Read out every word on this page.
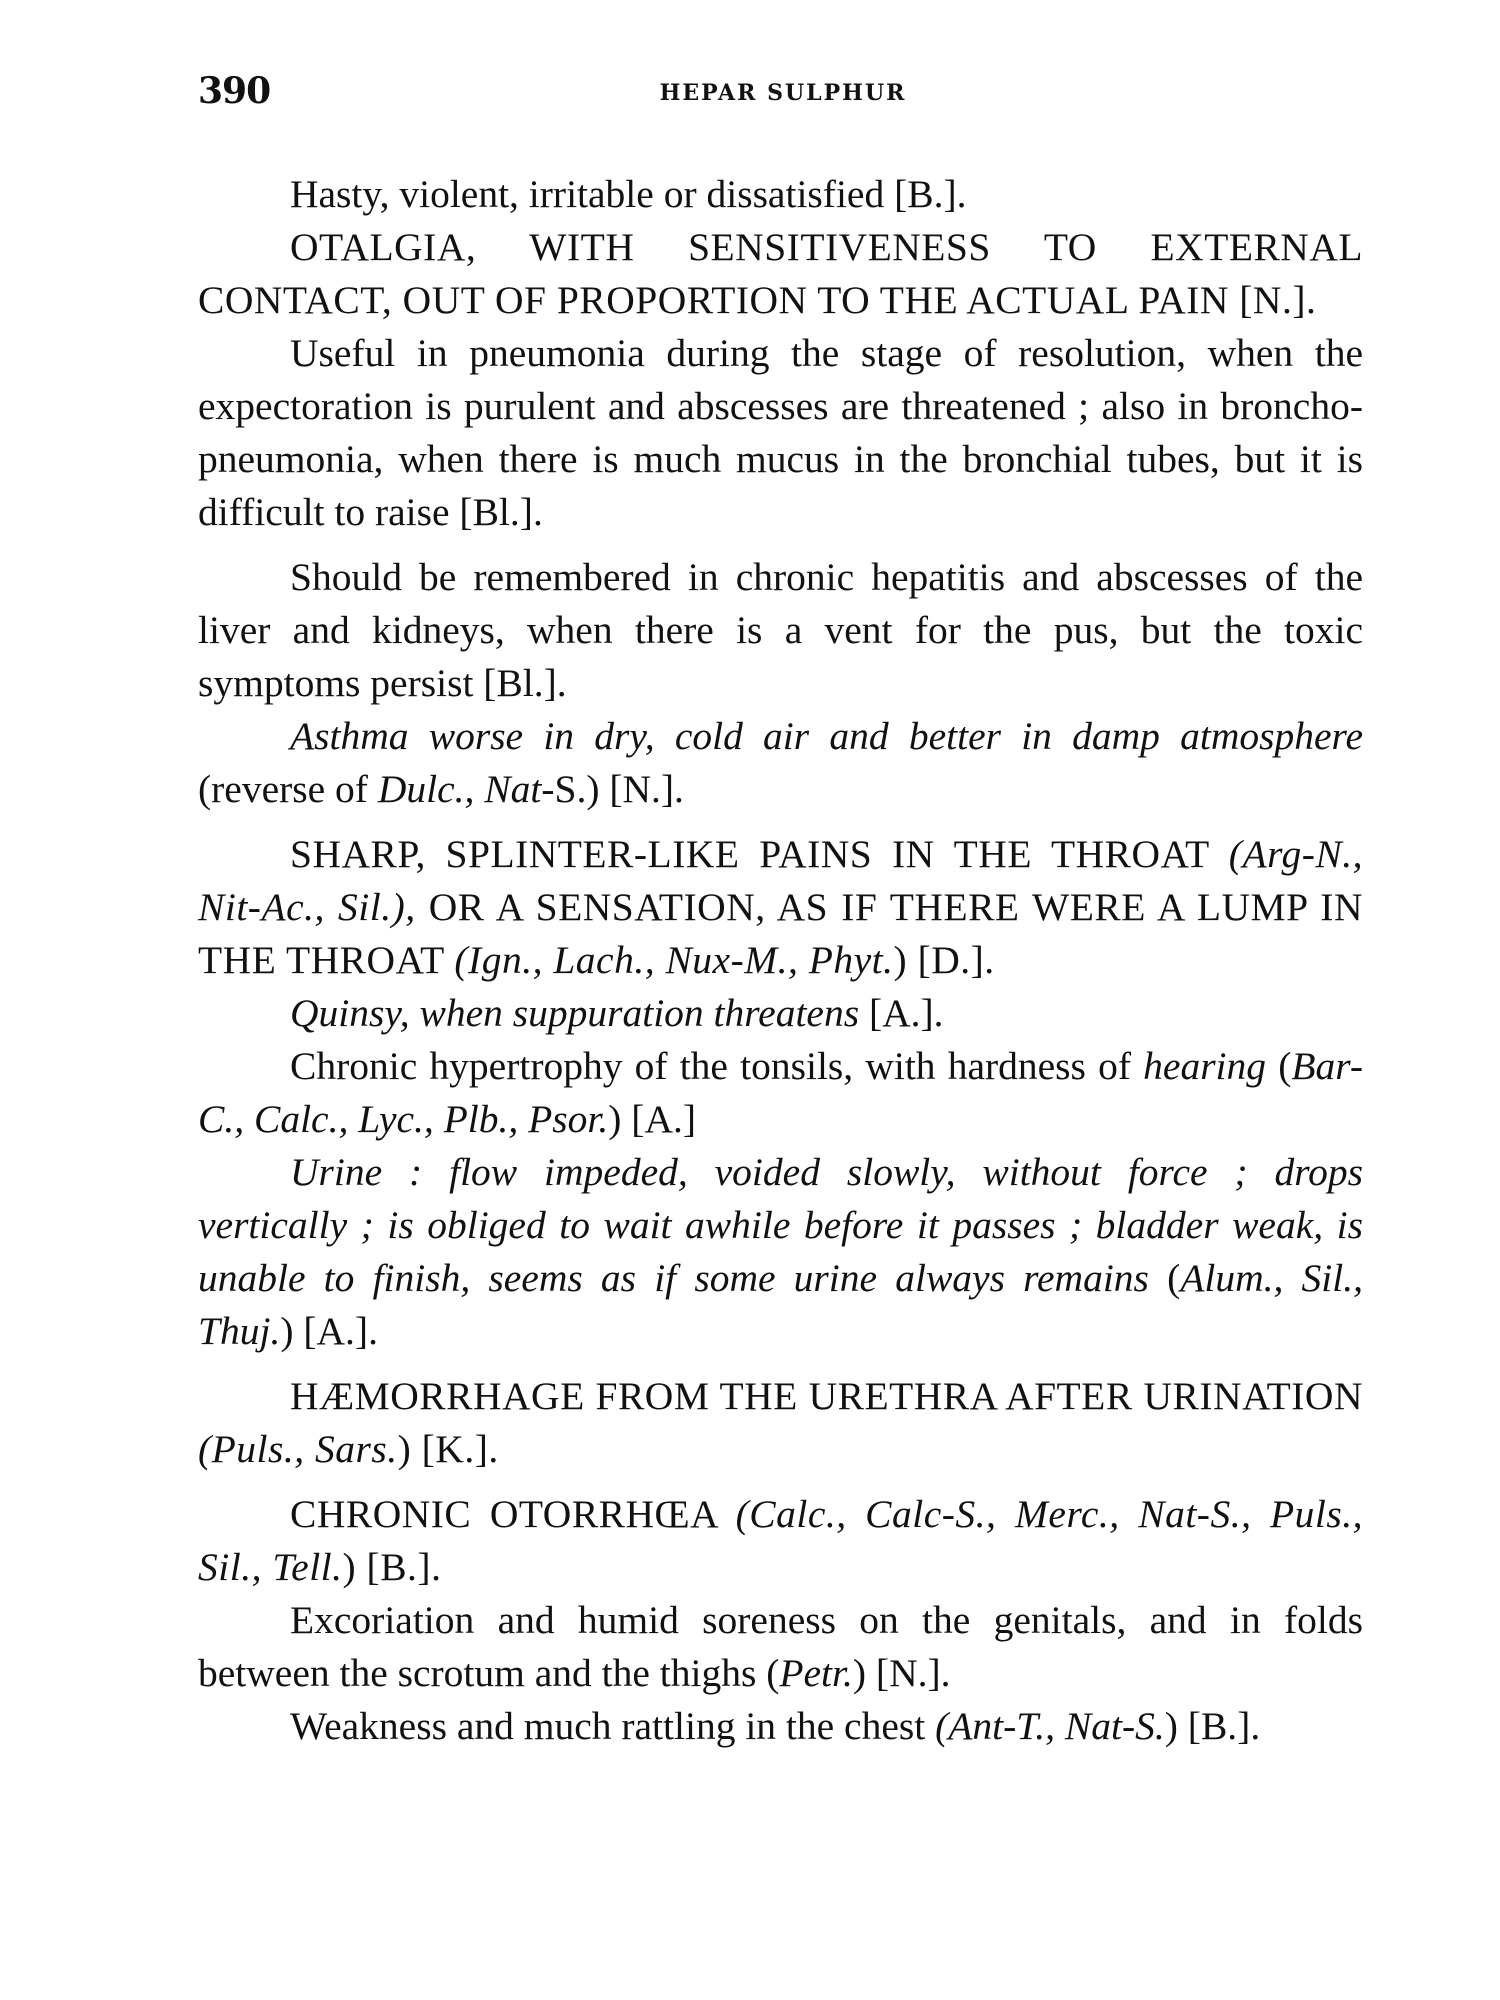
390	HEPAR SULPHUR

Hasty, violent, irritable or dissatisfied [B.].

OTALGIA, WITH SENSITIVENESS TO EXTERNAL CONTACT, OUT OF PROPORTION TO THE ACTUAL PAIN [N.].

Useful in pneumonia during the stage of resolution, when the expectoration is purulent and abscesses are threatened ; also in broncho-pneumonia, when there is much mucus in the bronchial tubes, but it is difficult to raise [Bl.].

Should be remembered in chronic hepatitis and abscesses of the liver and kidneys, when there is a vent for the pus, but the toxic symptoms persist [Bl.].

Asthma worse in dry, cold air and better in damp atmosphere (reverse of Dulc., Nat-S.) [N.].

SHARP, SPLINTER-LIKE PAINS IN THE THROAT (Arg-N., Nit-Ac., Sil.), OR A SENSATION, AS IF THERE WERE A LUMP IN THE THROAT (Ign., Lach., Nux-M., Phyt.) [D.].

Quinsy, when suppuration threatens [A.].

Chronic hypertrophy of the tonsils, with hardness of hearing (Bar-C., Calc., Lyc., Plb., Psor.) [A.]

Urine : flow impeded, voided slowly, without force ; drops vertically ; is obliged to wait awhile before it passes ; bladder weak, is unable to finish, seems as if some urine always remains (Alum., Sil., Thuj.) [A.].

HÆMORRHAGE FROM THE URETHRA AFTER URINATION (Puls., Sars.) [K.].

CHRONIC OTORRHŒA (Calc., Calc-S., Merc., Nat-S., Puls., Sil., Tell.) [B.].

Excoriation and humid soreness on the genitals, and in folds between the scrotum and the thighs (Petr.) [N.].

Weakness and much rattling in the chest (Ant-T., Nat-S.) [B.].
